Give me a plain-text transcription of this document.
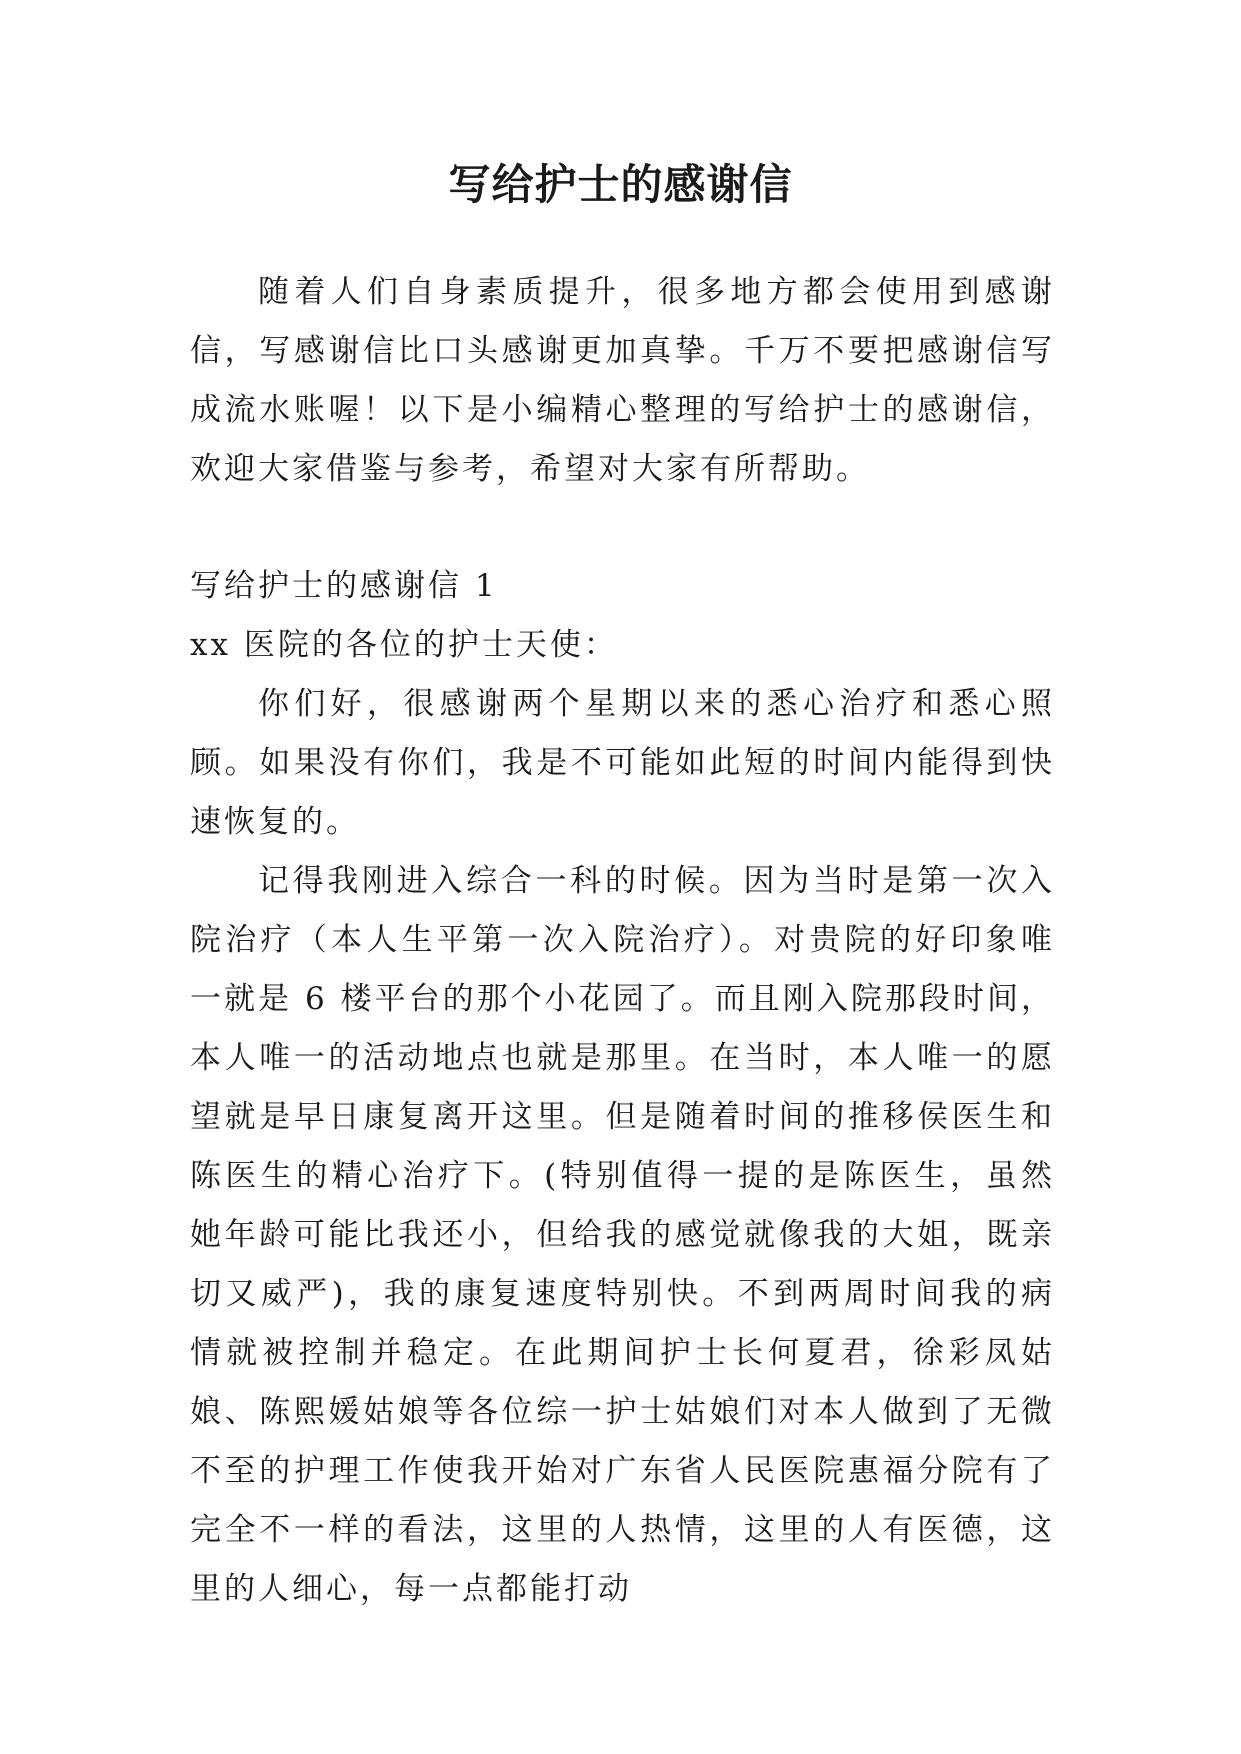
写给护士的感谢信

随着人们自身素质提升，很多地方都会使用到感谢信，写感谢信比口头感谢更加真挚。千万不要把感谢信写成流水账喔！以下是小编精心整理的写给护士的感谢信，欢迎大家借鉴与参考，希望对大家有所帮助。

写给护士的感谢信 1

xx 医院的各位的护士天使：

你们好，很感谢两个星期以来的悉心治疗和悉心照顾。如果没有你们，我是不可能如此短的时间内能得到快速恢复的。

记得我刚进入综合一科的时候。因为当时是第一次入院治疗（本人生平第一次入院治疗）。对贵院的好印象唯一就是 6 楼平台的那个小花园了。而且刚入院那段时间，本人唯一的活动地点也就是那里。在当时，本人唯一的愿望就是早日康复离开这里。但是随着时间的推移侯医生和陈医生的精心治疗下。(特别值得一提的是陈医生，虽然她年龄可能比我还小，但给我的感觉就像我的大姐，既亲切又威严)，我的康复速度特别快。不到两周时间我的病情就被控制并稳定。在此期间护士长何夏君，徐彩凤姑娘、陈熙媛姑娘等各位综一护士姑娘们对本人做到了无微不至的护理工作使我开始对广东省人民医院惠福分院有了完全不一样的看法，这里的人热情，这里的人有医德，这里的人细心，每一点都能打动
